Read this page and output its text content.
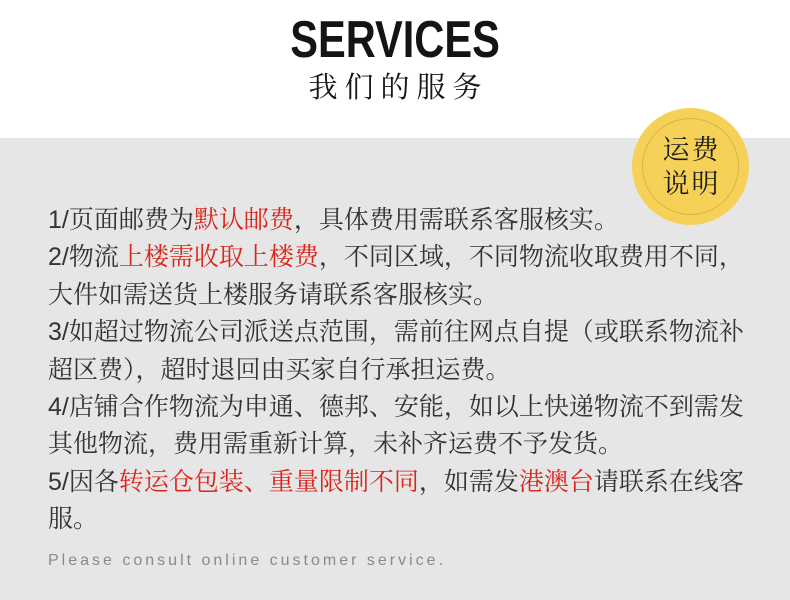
SERVICES
我们的服务
运费
说明
1/页面邮费为默认邮费，具体费用需联系客服核实。
2/物流上楼需收取上楼费，不同区域，不同物流收取费用不同，
大件如需送货上楼服务请联系客服核实。
3/如超过物流公司派送点范围，需前往网点自提（或联系物流补
超区费），超时退回由买家自行承担运费。
4/店铺合作物流为申通、德邦、安能，如以上快递物流不到需发
其他物流，费用需重新计算，未补齐运费不予发货。
5/因各转运仓包装、重量限制不同，如需发港澳台请联系在线客
服。
Please consult online customer service.
